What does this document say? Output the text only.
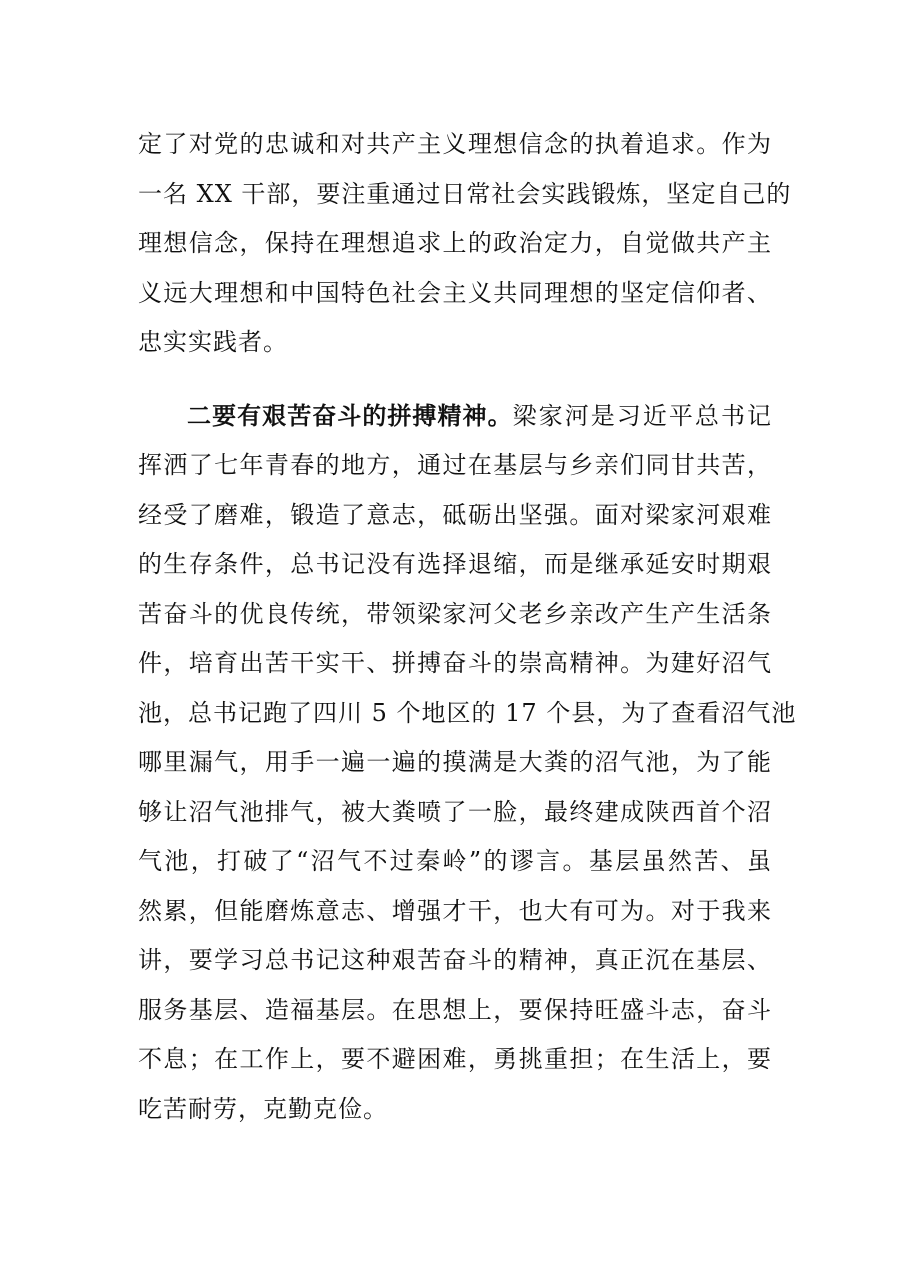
定了对党的忠诚和对共产主义理想信念的执着追求。作为
一名 XX 干部，要注重通过日常社会实践锻炼，坚定自己的
理想信念，保持在理想追求上的政治定力，自觉做共产主
义远大理想和中国特色社会主义共同理想的坚定信仰者、
忠实实践者。

二要有艰苦奋斗的拼搏精神。梁家河是习近平总书记
挥洒了七年青春的地方，通过在基层与乡亲们同甘共苦，
经受了磨难，锻造了意志，砥砺出坚强。面对梁家河艰难
的生存条件，总书记没有选择退缩，而是继承延安时期艰
苦奋斗的优良传统，带领梁家河父老乡亲改产生产生活条
件，培育出苦干实干、拼搏奋斗的崇高精神。为建好沼气
池，总书记跑了四川 5 个地区的 17 个县，为了查看沼气池
哪里漏气，用手一遍一遍的摸满是大粪的沼气池，为了能
够让沼气池排气，被大粪喷了一脸，最终建成陕西首个沼
气池，打破了“沼气不过秦岭”的谬言。基层虽然苦、虽
然累，但能磨炼意志、增强才干，也大有可为。对于我来
讲，要学习总书记这种艰苦奋斗的精神，真正沉在基层、
服务基层、造福基层。在思想上，要保持旺盛斗志，奋斗
不息；在工作上，要不避困难，勇挑重担；在生活上，要
吃苦耐劳，克勤克俭。
